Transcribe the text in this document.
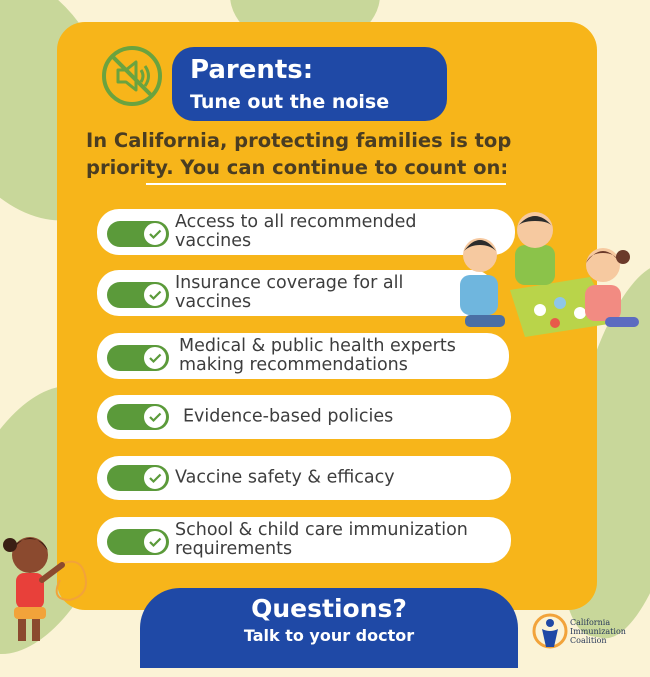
Parents:
Tune out the noise
In California, protecting families is top priority. You can continue to count on:
Access to all recommended vaccines
Insurance coverage for all vaccines
Medical & public health experts making recommendations
Evidence-based policies
Vaccine safety & efficacy
School & child care immunization requirements
Questions?
Talk to your doctor
California
Immunization
Coalition
